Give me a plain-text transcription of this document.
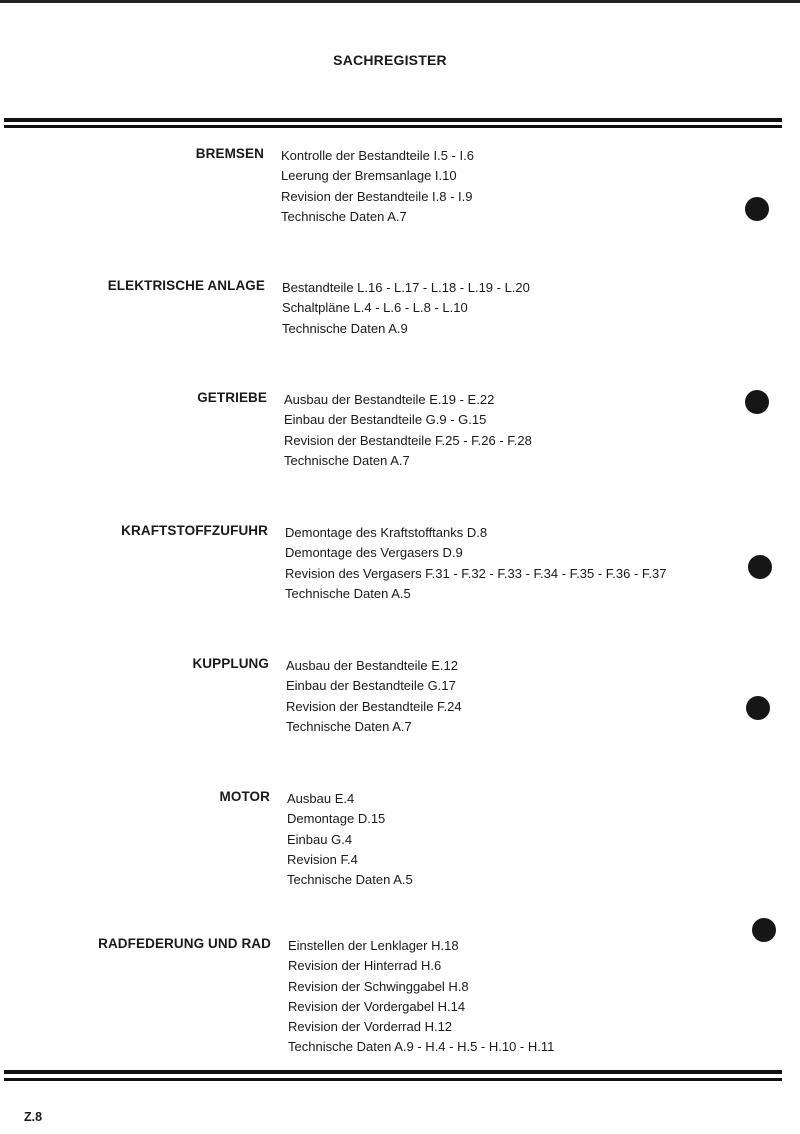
SACHREGISTER
BREMSEN Kontrolle der Bestandteile I.5 - I.6
Leerung der Bremsanlage I.10
Revision der Bestandteile I.8 - I.9
Technische Daten A.7
ELEKTRISCHE ANLAGE Bestandteile L.16 - L.17 - L.18 - L.19 - L.20
Schaltpläne L.4 - L.6 - L.8 - L.10
Technische Daten A.9
GETRIEBE Ausbau der Bestandteile E.19 - E.22
Einbau der Bestandteile G.9 - G.15
Revision der Bestandteile F.25 - F.26 - F.28
Technische Daten A.7
KRAFTSTOFFZUFUHR Demontage des Kraftstofftanks D.8
Demontage des Vergasers D.9
Revision des Vergasers F.31 - F.32 - F.33 - F.34 - F.35 - F.36 - F.37
Technische Daten A.5
KUPPLUNG Ausbau der Bestandteile E.12
Einbau der Bestandteile G.17
Revision der Bestandteile F.24
Technische Daten A.7
MOTOR Ausbau E.4
Demontage D.15
Einbau G.4
Revision F.4
Technische Daten A.5
RADFEDERUNG UND RAD Einstellen der Lenklager H.18
Revision der Hinterrad H.6
Revision der Schwinggabel H.8
Revision der Vordergabel H.14
Revision der Vorderrad H.12
Technische Daten A.9 - H.4 - H.5 - H.10 - H.11
Z.8
